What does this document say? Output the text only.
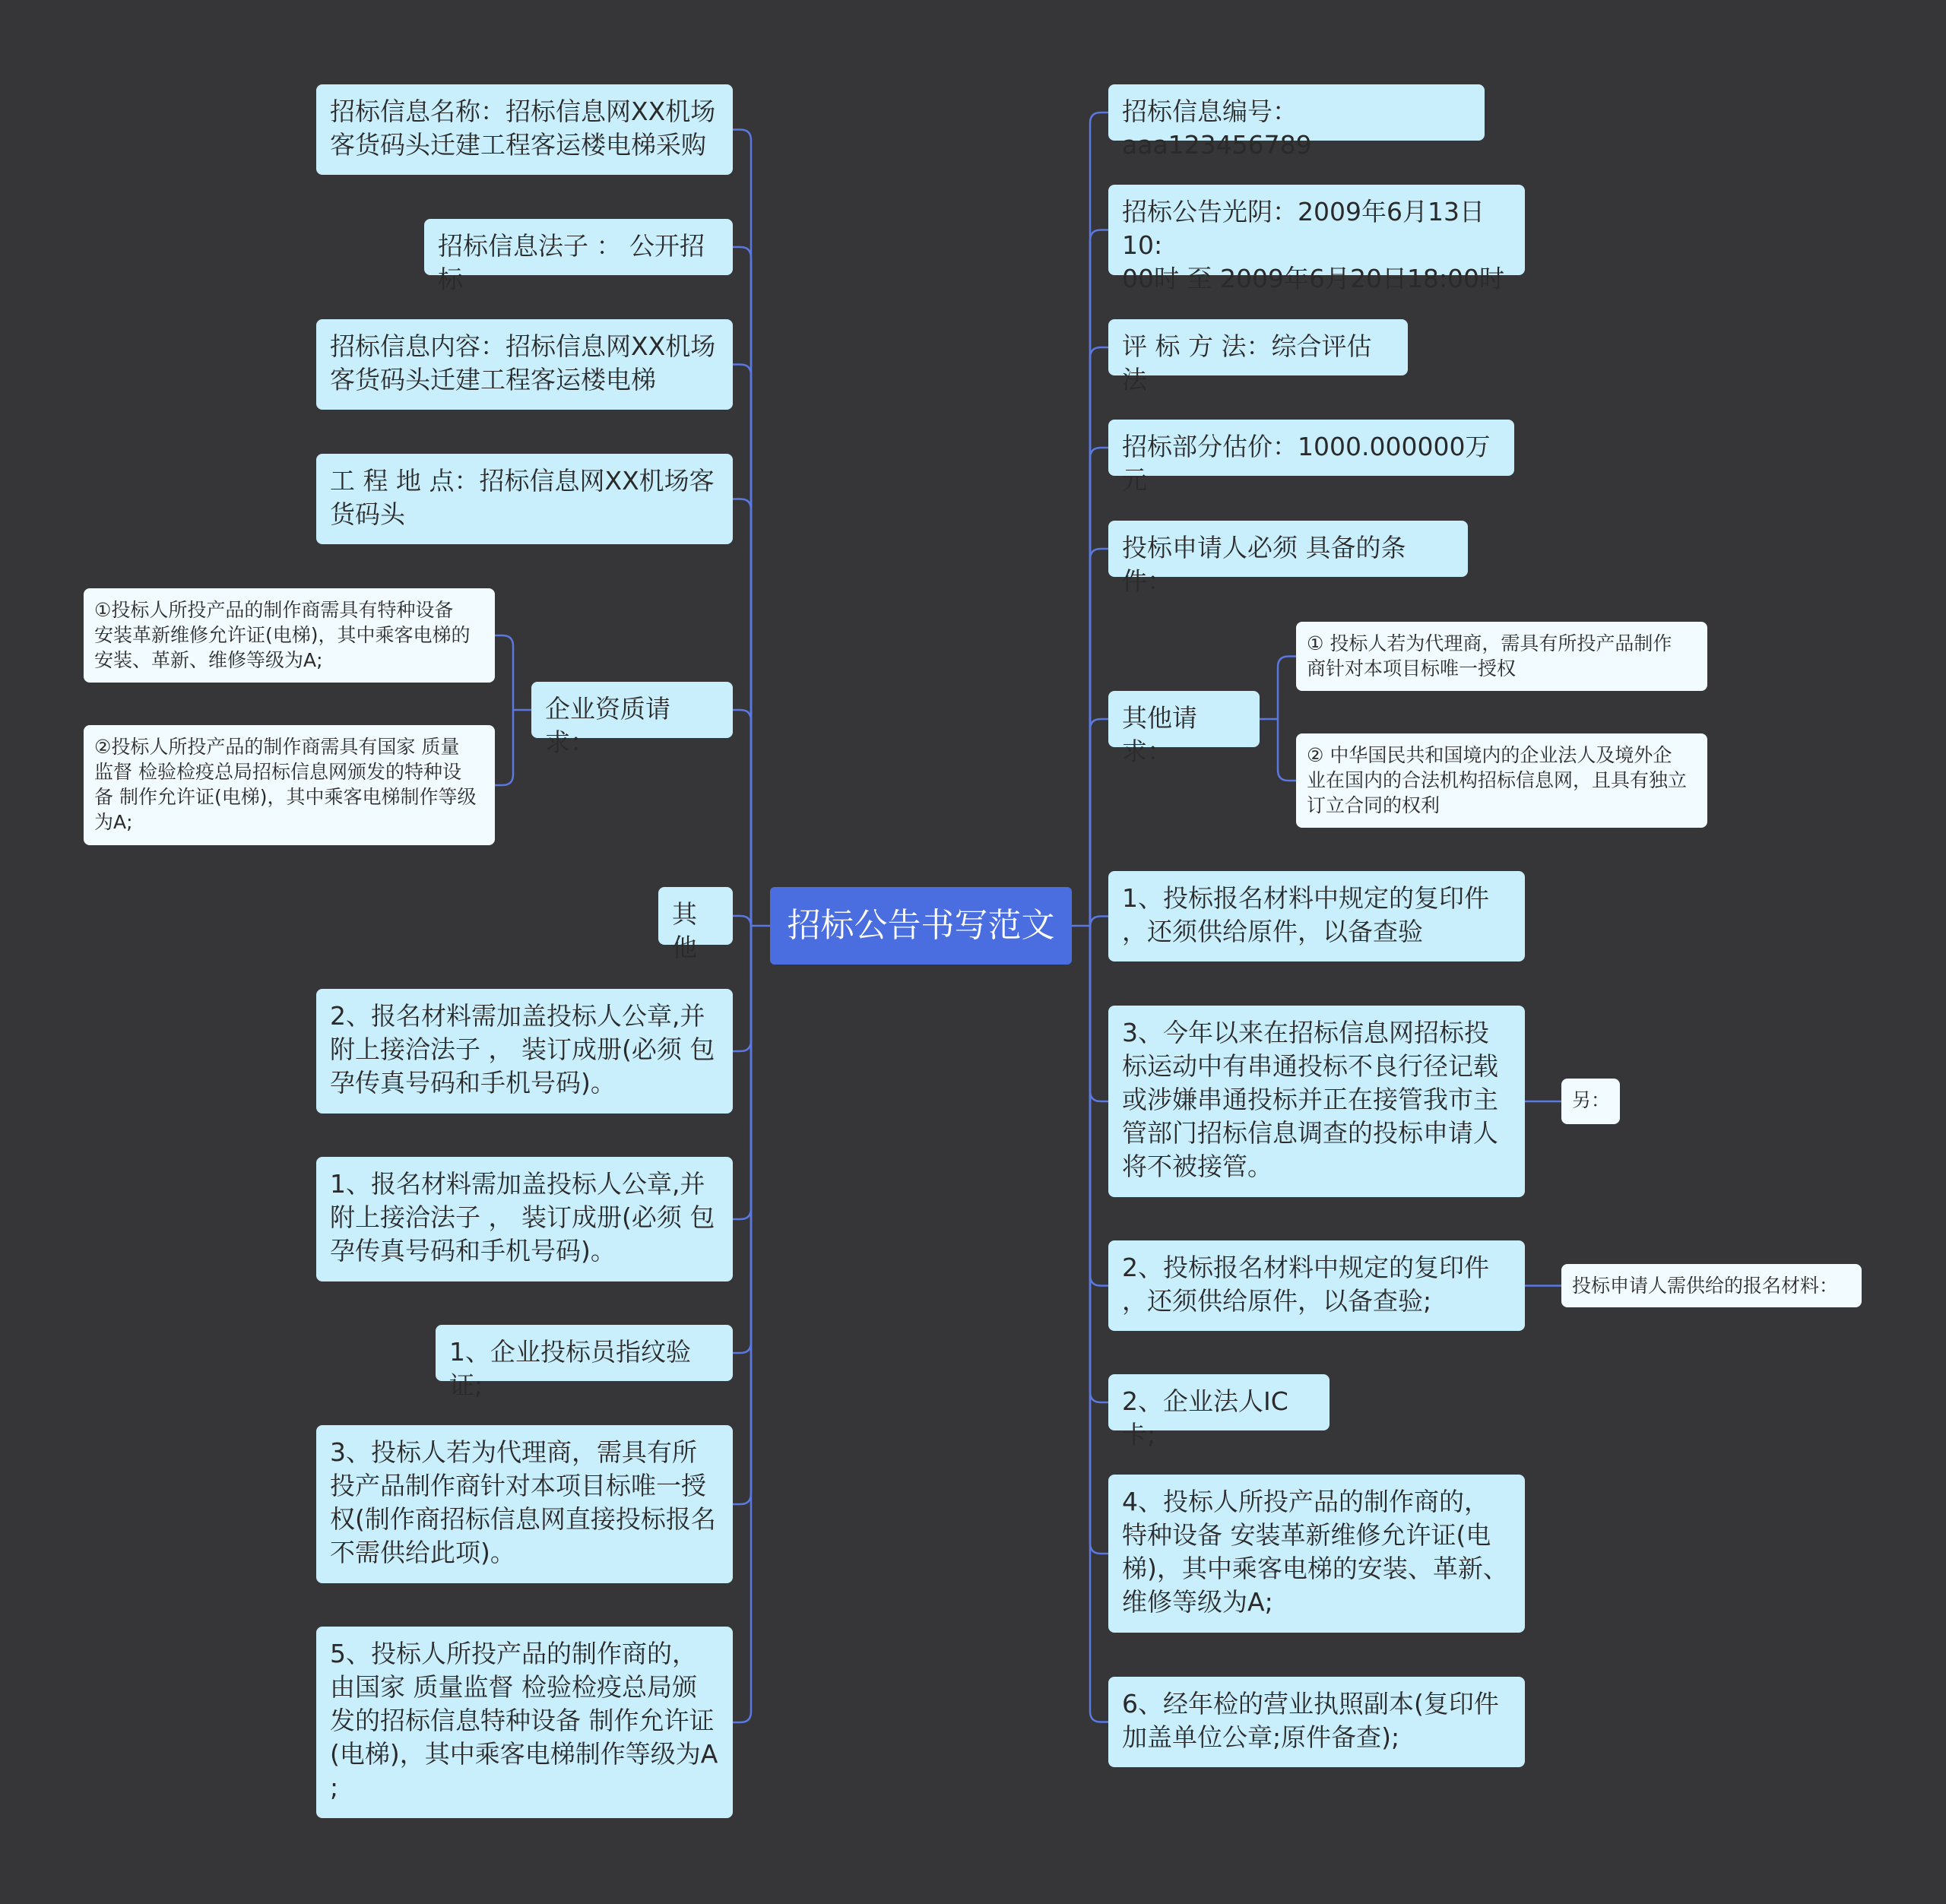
招标公告书写范文
招标信息名称：招标信息网XX机场
客货码头迁建工程客运楼电梯采购
招标信息法子 ： 公开招标
招标信息内容：招标信息网XX机场
客货码头迁建工程客运楼电梯
工 程 地 点：招标信息网XX机场客
货码头
企业资质请求：
①投标人所投产品的制作商需具有特种设备
安装革新维修允许证(电梯)，其中乘客电梯的
安装、革新、维修等级为A;
②投标人所投产品的制作商需具有国家 质量
监督 检验检疫总局招标信息网颁发的特种设
备 制作允许证(电梯)，其中乘客电梯制作等级
为A;
其他
2、报名材料需加盖投标人公章,并
附上接洽法子 ， 装订成册(必须 包
孕传真号码和手机号码)。
1、报名材料需加盖投标人公章,并
附上接洽法子 ， 装订成册(必须 包
孕传真号码和手机号码)。
1、企业投标员指纹验证;
3、投标人若为代理商，需具有所
投产品制作商针对本项目标唯一授
权(制作商招标信息网直接投标报名
不需供给此项)。
5、投标人所投产品的制作商的，
由国家 质量监督 检验检疫总局颁
发的招标信息特种设备 制作允许证
(电梯)，其中乘客电梯制作等级为A
;
招标信息编号：aaa123456789
招标公告光阴：2009年6月13日10:
00时 至 2009年6月20日18:00时
评 标 方 法：综合评估法
招标部分估价：1000.000000万元
投标申请人必须 具备的条件：
其他请求：
① 投标人若为代理商，需具有所投产品制作
商针对本项目标唯一授权
② 中华国民共和国境内的企业法人及境外企
业在国内的合法机构招标信息网，且具有独立
订立合同的权利
1、投标报名材料中规定的复印件
，还须供给原件，以备查验
3、今年以来在招标信息网招标投
标运动中有串通投标不良行径记载
或涉嫌串通投标并正在接管我市主
管部门招标信息调查的投标申请人
将不被接管。
另：
2、投标报名材料中规定的复印件
，还须供给原件，以备查验;
投标申请人需供给的报名材料：
2、企业法人IC卡;
4、投标人所投产品的制作商的，
特种设备 安装革新维修允许证(电
梯)，其中乘客电梯的安装、革新、
维修等级为A;
6、经年检的营业执照副本(复印件
加盖单位公章;原件备查);
